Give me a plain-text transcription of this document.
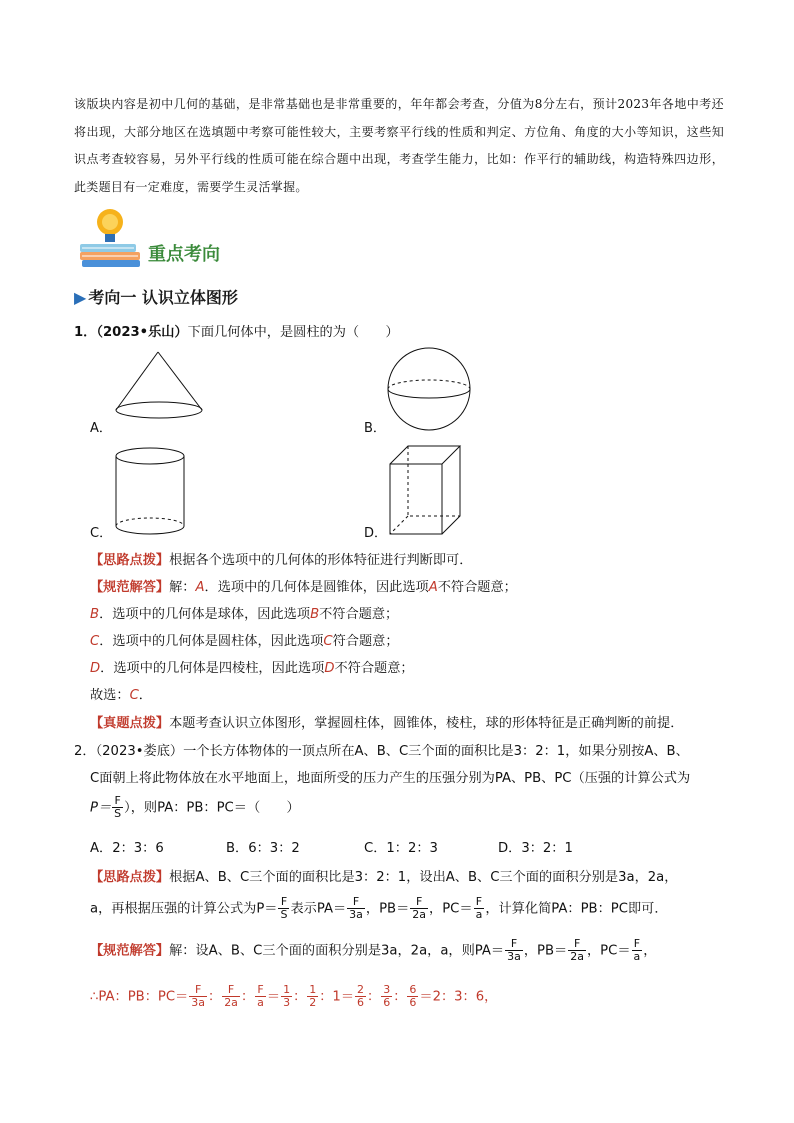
该版块内容是初中几何的基础，是非常基础也是非常重要的，年年都会考查，分值为8分左右，预计2023年各地中考还将出现，大部分地区在选填题中考察可能性较大，主要考察平行线的性质和判定、方位角、角度的大小等知识，这些知识点考查较容易，另外平行线的性质可能在综合题中出现，考查学生能力，比如：作平行的辅助线，构造特殊四边形，此类题目有一定难度，需要学生灵活掌握。
重点考向
▶ 考向一 认识立体图形
1．（2023•乐山）下面几何体中，是圆柱的为（　　）
A．	B．
C．	D．
【思路点拨】根据各个选项中的几何体的形体特征进行判断即可．
【规范解答】解：A．选项中的几何体是圆锥体，因此选项A不符合题意；
B．选项中的几何体是球体，因此选项B不符合题意；
C．选项中的几何体是圆柱体，因此选项C符合题意；
D．选项中的几何体是四棱柱，因此选项D不符合题意；
故选：C．
【真题点拨】本题考查认识立体图形，掌握圆柱体，圆锥体，棱柱，球的形体特征是正确判断的前提．
2．（2023•娄底）一个长方体物体的一顶点所在A、B、C三个面的面积比是3：2：1，如果分别按A、B、
C面朝上将此物体放在水平地面上，地面所受的压力产生的压强分别为PA、PB、PC（压强的计算公式为
$P= \frac{F}{S}$ ），则PA：PB：PC＝（　　）
A．2：3：6	B．6：3：2	C．1：2：3	D．3：2：1
【思路点拨】根据A、B、C三个面的面积比是3：2：1，设出A、B、C三个面的面积分别是3a，2a，
a，再根据压强的计算公式为$P= \frac{F}{S}$ 表示$PA= \frac{F}{3a}$ ，$PB= \frac{F}{2a}$ ，$PC= \frac{F}{a}$ ，计算化简PA：PB：PC即可．
【规范解答】解：设A、B、C三个面的面积分别是3a，2a，a，则$PA= \frac{F}{3a}$ ，$PB= \frac{F}{2a}$ ，$PC= \frac{F}{a}$ ，
∴PA：PB：$PC= \frac{F}{3a}$ ： $\frac{F}{2a}$ ： $\frac{F}{a} = \frac{1}{3}$ ： $\frac{1}{2}$ ：$1= \frac{2}{6}$ ： $\frac{3}{6}$ ： $\frac{6}{6} =2$：3：6，
